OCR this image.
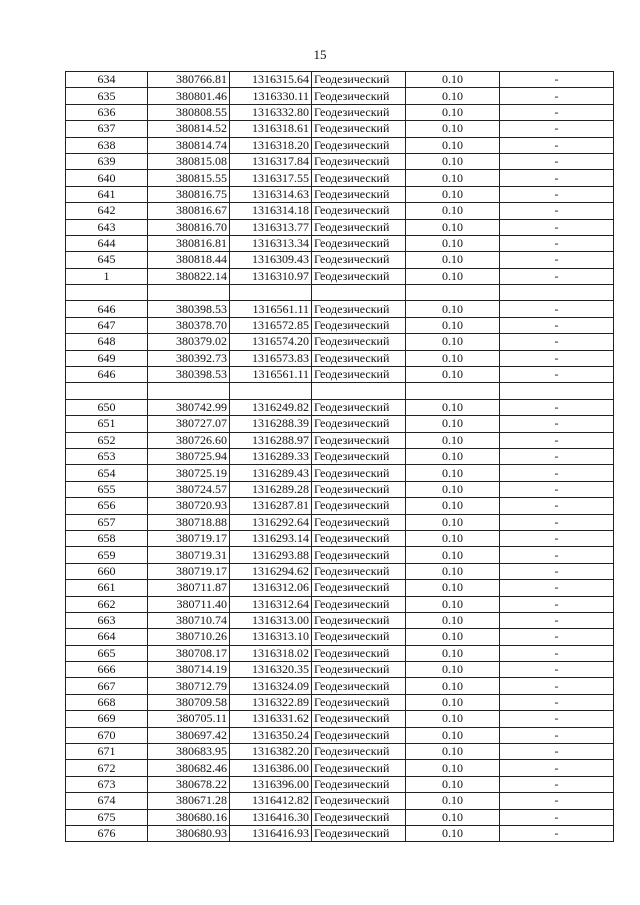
15
634	380766.81	1316315.64	Геодезический	0.10	-
635	380801.46	1316330.11	Геодезический	0.10	-
636	380808.55	1316332.80	Геодезический	0.10	-
637	380814.52	1316318.61	Геодезический	0.10	-
638	380814.74	1316318.20	Геодезический	0.10	-
639	380815.08	1316317.84	Геодезический	0.10	-
640	380815.55	1316317.55	Геодезический	0.10	-
641	380816.75	1316314.63	Геодезический	0.10	-
642	380816.67	1316314.18	Геодезический	0.10	-
643	380816.70	1316313.77	Геодезический	0.10	-
644	380816.81	1316313.34	Геодезический	0.10	-
645	380818.44	1316309.43	Геодезический	0.10	-
1	380822.14	1316310.97	Геодезический	0.10	-

646	380398.53	1316561.11	Геодезический	0.10	-
647	380378.70	1316572.85	Геодезический	0.10	-
648	380379.02	1316574.20	Геодезический	0.10	-
649	380392.73	1316573.83	Геодезический	0.10	-
646	380398.53	1316561.11	Геодезический	0.10	-

650	380742.99	1316249.82	Геодезический	0.10	-
651	380727.07	1316288.39	Геодезический	0.10	-
652	380726.60	1316288.97	Геодезический	0.10	-
653	380725.94	1316289.33	Геодезический	0.10	-
654	380725.19	1316289.43	Геодезический	0.10	-
655	380724.57	1316289.28	Геодезический	0.10	-
656	380720.93	1316287.81	Геодезический	0.10	-
657	380718.88	1316292.64	Геодезический	0.10	-
658	380719.17	1316293.14	Геодезический	0.10	-
659	380719.31	1316293.88	Геодезический	0.10	-
660	380719.17	1316294.62	Геодезический	0.10	-
661	380711.87	1316312.06	Геодезический	0.10	-
662	380711.40	1316312.64	Геодезический	0.10	-
663	380710.74	1316313.00	Геодезический	0.10	-
664	380710.26	1316313.10	Геодезический	0.10	-
665	380708.17	1316318.02	Геодезический	0.10	-
666	380714.19	1316320.35	Геодезический	0.10	-
667	380712.79	1316324.09	Геодезический	0.10	-
668	380709.58	1316322.89	Геодезический	0.10	-
669	380705.11	1316331.62	Геодезический	0.10	-
670	380697.42	1316350.24	Геодезический	0.10	-
671	380683.95	1316382.20	Геодезический	0.10	-
672	380682.46	1316386.00	Геодезический	0.10	-
673	380678.22	1316396.00	Геодезический	0.10	-
674	380671.28	1316412.82	Геодезический	0.10	-
675	380680.16	1316416.30	Геодезический	0.10	-
676	380680.93	1316416.93	Геодезический	0.10	-
